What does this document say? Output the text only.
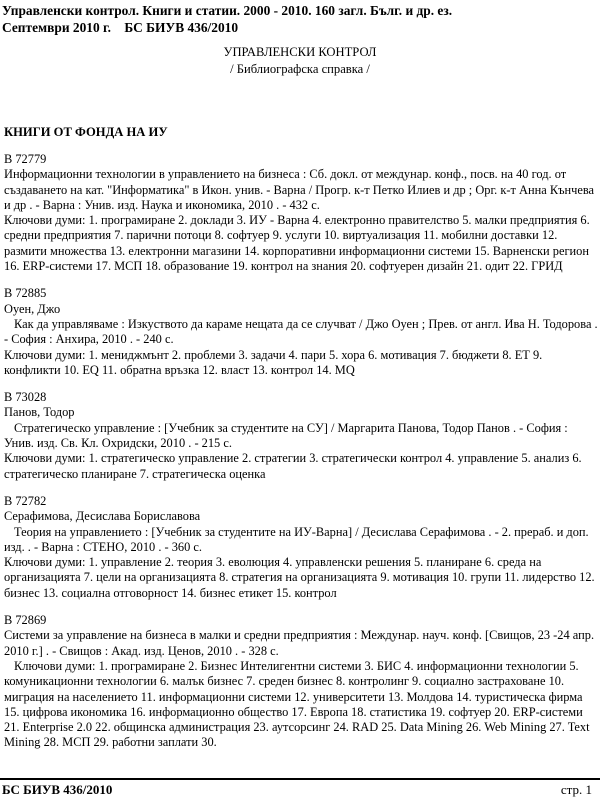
Управленски контрол. Книги и статии. 2000 - 2010. 160 загл. Бълг. и др. ез.
Септември 2010 г.    БС БИУВ 436/2010
УПРАВЛЕНСКИ КОНТРОЛ
/ Библиографска справка /
КНИГИ ОТ ФОНДА НА ИУ

В 72779

Информационни технологии в управлението на бизнеса : Сб. докл. от междунар. конф., посв. на 40 год. от създаването на кат. "Информатика" в Икон. унив. - Варна / Прогр. к-т Петко Илиев и др ; Орг. к-т Анна Кънчева и др . - Варна : Унив. изд. Наука и икономика, 2010 . - 432 с.

Ключови думи: 1. програмиране 2. доклади 3. ИУ - Варна 4. електронно правителство 5. малки предприятия 6. средни предприятия 7. парични потоци 8. софтуер 9. услуги 10. виртуализация 11. мобилни доставки 12. размити множества 13. електронни магазини 14. корпоративни информационни системи 15. Варненски регион 16. ERP-системи 17. МСП 18. образование 19. контрол на знания 20. софтуерен дизайн 21. одит 22. ГРИД

В 72885

Оуен, Джо

Как да управляваме : Изкуството да караме нещата да се случват / Джо Оуен ; Прев. от англ. Ива Н. Тодорова . - София : Анхира, 2010 . - 240 с.

Ключови думи: 1. мениджмънт 2. проблеми 3. задачи 4. пари 5. хора 6. мотивация 7. бюджети 8. ЕТ 9. конфликти 10. EQ 11. обратна връзка 12. власт 13. контрол 14. MQ

В 73028

Панов, Тодор

Стратегическо управление : [Учебник за студентите на СУ] / Маргарита Панова, Тодор Панов . - София : Унив. изд. Св. Кл. Охридски, 2010 . - 215 с.

Ключови думи: 1. стратегическо управление 2. стратегии 3. стратегически контрол 4. управление 5. анализ 6. стратегическо планиране 7. стратегическа оценка

В 72782

Серафимова, Десислава Бориславова

Теория на управлението : [Учебник за студентите на ИУ-Варна] / Десислава Серафимова . - 2. прераб. и доп. изд. . - Варна : СТЕНО, 2010 . - 360 с.

Ключови думи: 1. управление 2. теория 3. еволюция 4. управленски решения 5. планиране 6. среда на организацията 7. цели на организацията 8. стратегия на организацията 9. мотивация 10. групи 11. лидерство 12. бизнес 13. социална отговорност 14. бизнес етикет 15. контрол

В 72869

Системи за управление на бизнеса в малки и средни предприятия : Междунар. науч. конф. [Свищов, 23 -24 апр. 2010 г.] . - Свищов : Акад. изд. Ценов, 2010 . - 328 с.

Ключови думи: 1. програмиране 2. Бизнес Интелигентни системи 3. БИС 4. информационни технологии 5. комуникационни технологии 6. малък бизнес 7. среден бизнес 8. контролинг 9. социално застраховане 10. миграция на населението 11. информационни системи 12. университети 13. Молдова 14. туристическа фирма 15. цифрова икономика 16. информационно общество 17. Европа 18. статистика 19. софтуер 20. ERP-системи 21. Enterprise 2.0 22. общинска администрация 23. аутсорсинг 24. RAD 25. Data Mining 26. Web Mining 27. Text Mining 28. МСП 29. работни заплати 30.

БС БИУВ 436/2010	стр. 1
